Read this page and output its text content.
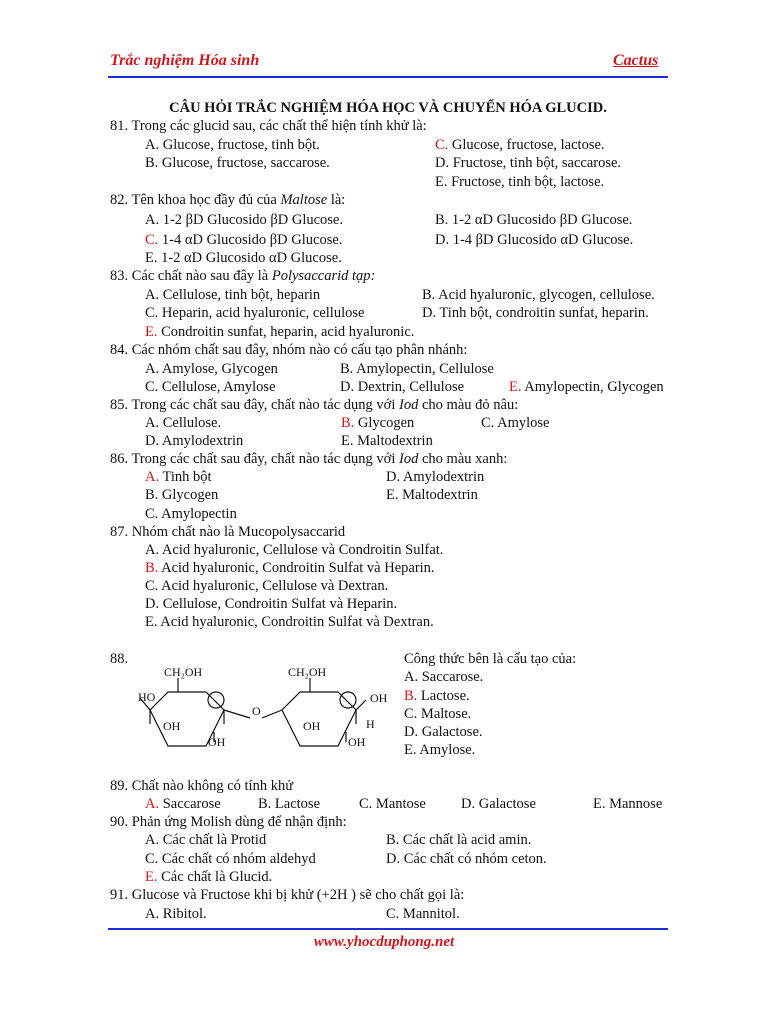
Trắc nghiệm Hóa sinh	Cactus
CÂU HỎI TRẮC NGHIỆM HÓA HỌC VÀ CHUYỂN HÓA GLUCID.
81. Trong các glucid sau, các chất thể hiện tính khử là:
A. Glucose, fructose, tinh bột.	C. Glucose, fructose, lactose.
B. Glucose, fructose, saccarose.	D. Fructose, tinh bột, saccarose.
E. Fructose, tinh bột, lactose.
82. Tên khoa học đầy đủ của Maltose là:
A. 1-2 βD Glucosido βD Glucose.	B. 1-2 αD Glucosido βD Glucose.
C. 1-4 αD Glucosido βD Glucose.	D. 1-4 βD Glucosido αD Glucose.
E. 1-2 αD Glucosido αD Glucose.
83. Các chất nào sau đây là Polysaccarid tạp:
A. Cellulose, tinh bột, heparin	B. Acid hyaluronic, glycogen, cellulose.
C. Heparin, acid hyaluronic, cellulose	D. Tinh bột, condroitin sunfat, heparin.
E. Condroitin sunfat, heparin, acid hyaluronic.
84. Các nhóm chất sau đây, nhóm nào có cấu tạo phân nhánh:
A. Amylose, Glycogen	B. Amylopectin, Cellulose
C. Cellulose, Amylose	D. Dextrin, Cellulose	E. Amylopectin, Glycogen
85. Trong các chất sau đây, chất nào tác dụng với Iod cho màu đỏ nâu:
A. Cellulose.	B. Glycogen	C. Amylose
D. Amylodextrin	E. Maltodextrin
86. Trong các chất sau đây, chất nào tác dụng với Iod cho màu xanh:
A. Tinh bột	D. Amylodextrin
B. Glycogen	E. Maltodextrin
C. Amylopectin
87. Nhóm chất nào là Mucopolysaccarid
A. Acid hyaluronic, Cellulose và Condroitin Sulfat.
B. Acid hyaluronic, Condroitin Sulfat và Heparin.
C. Acid hyaluronic, Cellulose và Dextran.
D. Cellulose, Condroitin Sulfat và Heparin.
E. Acid hyaluronic, Condroitin Sulfat và Dextran.
88.	Công thức bên là cấu tạo của:
A. Saccarose.
B. Lactose.
C. Maltose.
D. Galactose.
E. Amylose.
CH₂OH	CH₂OH
HO
OH
OH
O
OH
OH	H
OH
89. Chất nào không có tính khử
A. Saccarose	B. Lactose	C. Mantose D. Galactose	E. Mannose
90. Phản ứng Molish dùng để nhận định:
A. Các chất là Protid	B. Các chất là acid amin.
C. Các chất có nhóm aldehyd	D. Các chất có nhóm ceton.
E. Các chất là Glucid.
91. Glucose và Fructose khi bị khử (+2H ) sẽ cho chất gọi là:
A. Ribitol.	C. Mannitol.
www.yhocduphong.net
